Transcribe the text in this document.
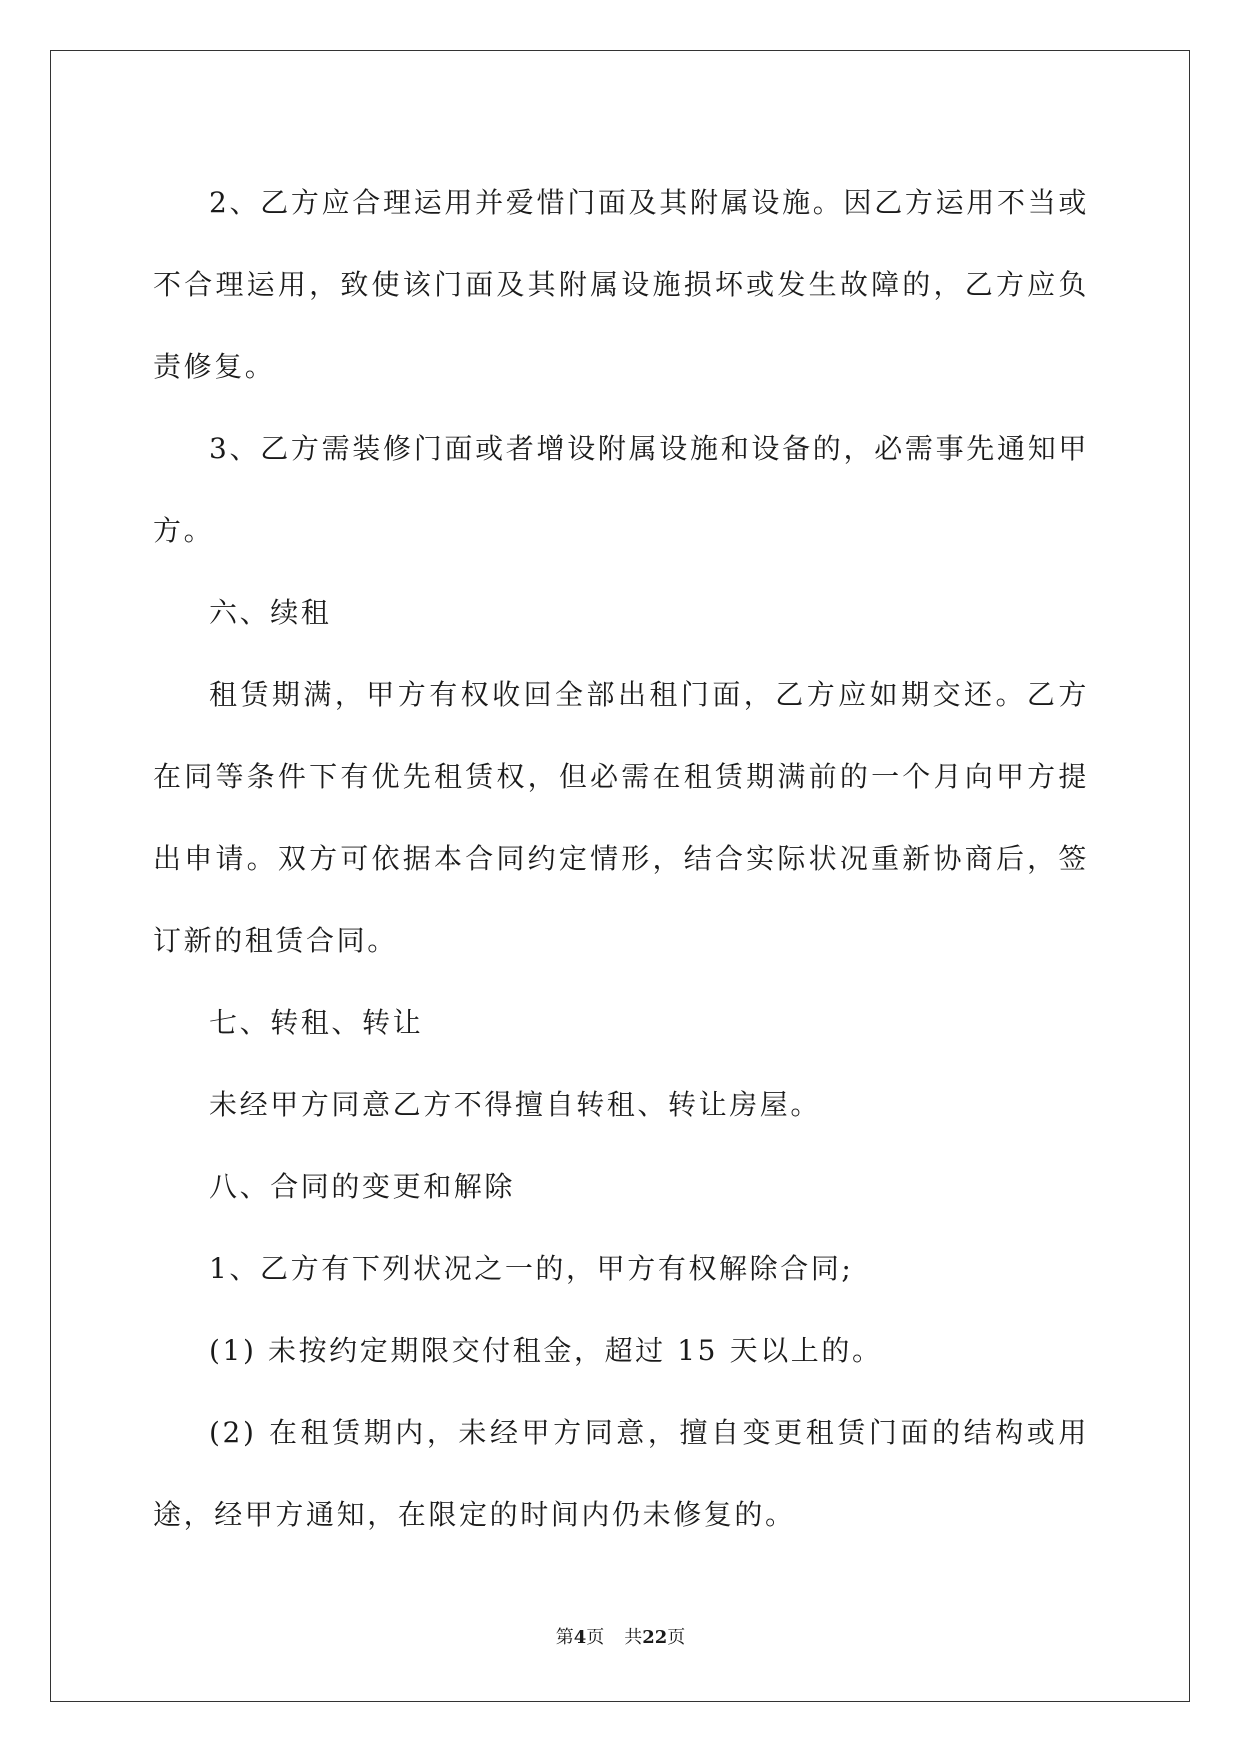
2、乙方应合理运用并爱惜门面及其附属设施。因乙方运用不当或不合理运用，致使该门面及其附属设施损坏或发生故障的，乙方应负责修复。

3、乙方需装修门面或者增设附属设施和设备的，必需事先通知甲方。

六、续租

租赁期满，甲方有权收回全部出租门面，乙方应如期交还。乙方在同等条件下有优先租赁权，但必需在租赁期满前的一个月向甲方提出申请。双方可依据本合同约定情形，结合实际状况重新协商后，签订新的租赁合同。

七、转租、转让

未经甲方同意乙方不得擅自转租、转让房屋。

八、合同的变更和解除

1、乙方有下列状况之一的，甲方有权解除合同;

(1) 未按约定期限交付租金，超过 15 天以上的。

(2) 在租赁期内，未经甲方同意，擅自变更租赁门面的结构或用途，经甲方通知，在限定的时间内仍未修复的。

第4页 共22页
